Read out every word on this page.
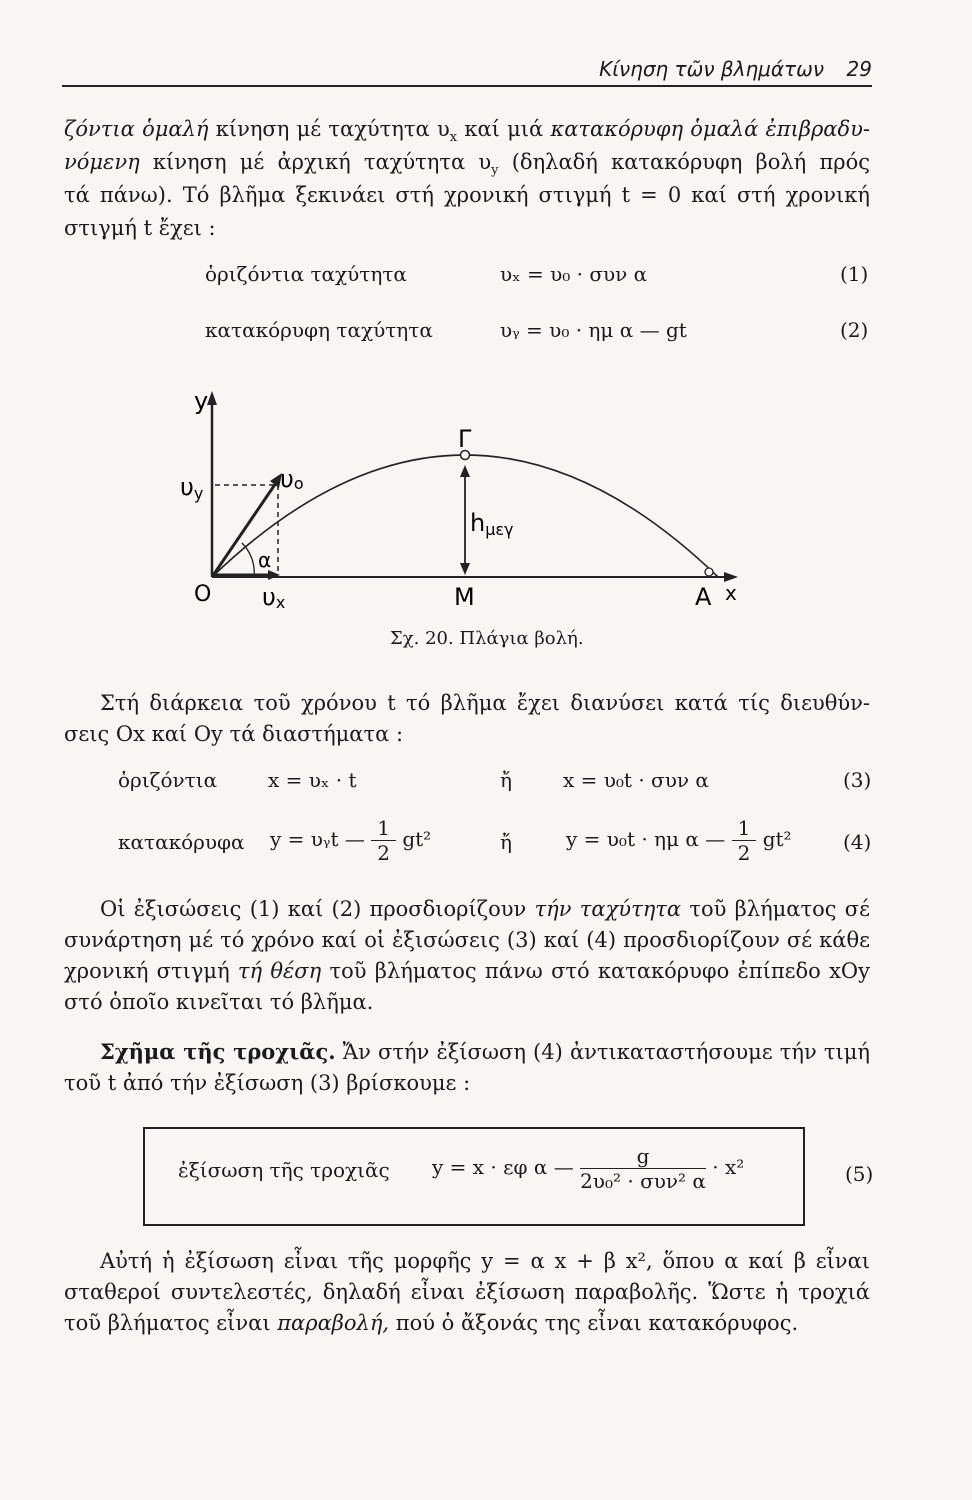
Κίνηση τῶν βλημάτων 29
ζόντια ὁμαλή κίνηση μέ ταχύτητα $\upsilon_x$ καί μιά κατακόρυφη ὁμαλά ἐπιβραδυ-
νόμενη κίνηση μέ ἀρχική ταχύτητα $\upsilon_y$ (δηλαδή κατακόρυφη βολή πρός
τά πάνω). Τό βλῆμα ξεκινάει στή χρονική στιγμή t = 0 καί στή χρονική
στιγμή t ἔχει :
ὁριζόντια ταχύτητα	υₓ = υ₀ · συν α	(1)
κατακόρυφη ταχύτητα	υᵧ = υ₀ · ημ α — gt	(2)
y
υy
υo
α
O υx
Γ
hμεγ
M	A x
Σχ. 20. Πλάγια βολή.
Στή διάρκεια τοῦ χρόνου t τό βλῆμα ἔχει διανύσει κατά τίς διευθύν-
σεις Ox καί Oy τά διαστήματα :
ὁριζόντια	x = υₓ · t	ἤ	x = υ₀t · συν α	(3)
κατακόρυφα y = υᵧt — $\frac{1}{2} gt^2$	ἤ	y = υ₀t · ημ α — $\frac{1}{2} gt^2$	(4)
Οἱ ἐξισώσεις (1) καί (2) προσδιορίζουν τήν ταχύτητα τοῦ βλήματος σέ
συνάρτηση μέ τό χρόνο καί οἱ ἐξισώσεις (3) καί (4) προσδιορίζουν σέ κάθε
χρονική στιγμή τή θέση τοῦ βλήματος πάνω στό κατακόρυφο ἐπίπεδο xOy
στό ὁποῖο κινεῖται τό βλῆμα.
Σχῆμα τῆς τροχιᾶς. Ἄν στήν ἐξίσωση (4) ἀντικαταστήσουμε τήν τιμή
τοῦ t ἀπό τήν ἐξίσωση (3) βρίσκουμε :
ἐξίσωση τῆς τροχιᾶς y = x · εφ α — $\frac{g}{\text{2υ₀² · συν² α}} \cdot x^2$	(5)
Αὐτή ἡ ἐξίσωση εἶναι τῆς μορφῆς y = α x + β x², ὅπου α καί β εἶναι
σταθεροί συντελεστές, δηλαδή εἶναι ἐξίσωση παραβολῆς. Ὥστε ἡ τροχιά
τοῦ βλήματος εἶναι παραβολή, πού ὁ ἄξονάς της εἶναι κατακόρυφος.
